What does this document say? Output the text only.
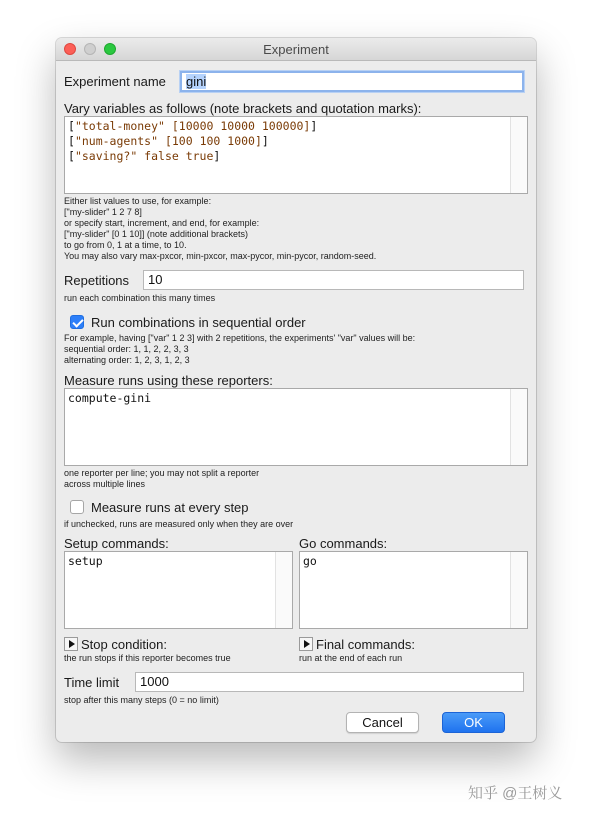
Experiment
Experiment name	gini
Vary variables as follows (note brackets and quotation marks):
["total-money" [10000 10000 100000]]
["num-agents" [100 100 1000]]
["saving?" false true]
Either list values to use, for example:
["my-slider" 1 2 7 8]
or specify start, increment, and end, for example:
["my-slider" [0 1 10]] (note additional brackets)
to go from 0, 1 at a time, to 10.
You may also vary max-pxcor, min-pxcor, max-pycor, min-pycor, random-seed.
Repetitions	10
run each combination this many times
Run combinations in sequential order
For example, having ["var" 1 2 3] with 2 repetitions, the experiments' "var" values will be:
sequential order: 1, 1, 2, 2, 3, 3
alternating order: 1, 2, 3, 1, 2, 3
Measure runs using these reporters:
compute-gini
one reporter per line; you may not split a reporter
across multiple lines
Measure runs at every step
if unchecked, runs are measured only when they are over
Setup commands:
setup
Go commands:
go
Stop condition:
the run stops if this reporter becomes true
Final commands:
run at the end of each run
Time limit	1000
stop after this many steps (0 = no limit)
Cancel	OK
知乎 @王树义
